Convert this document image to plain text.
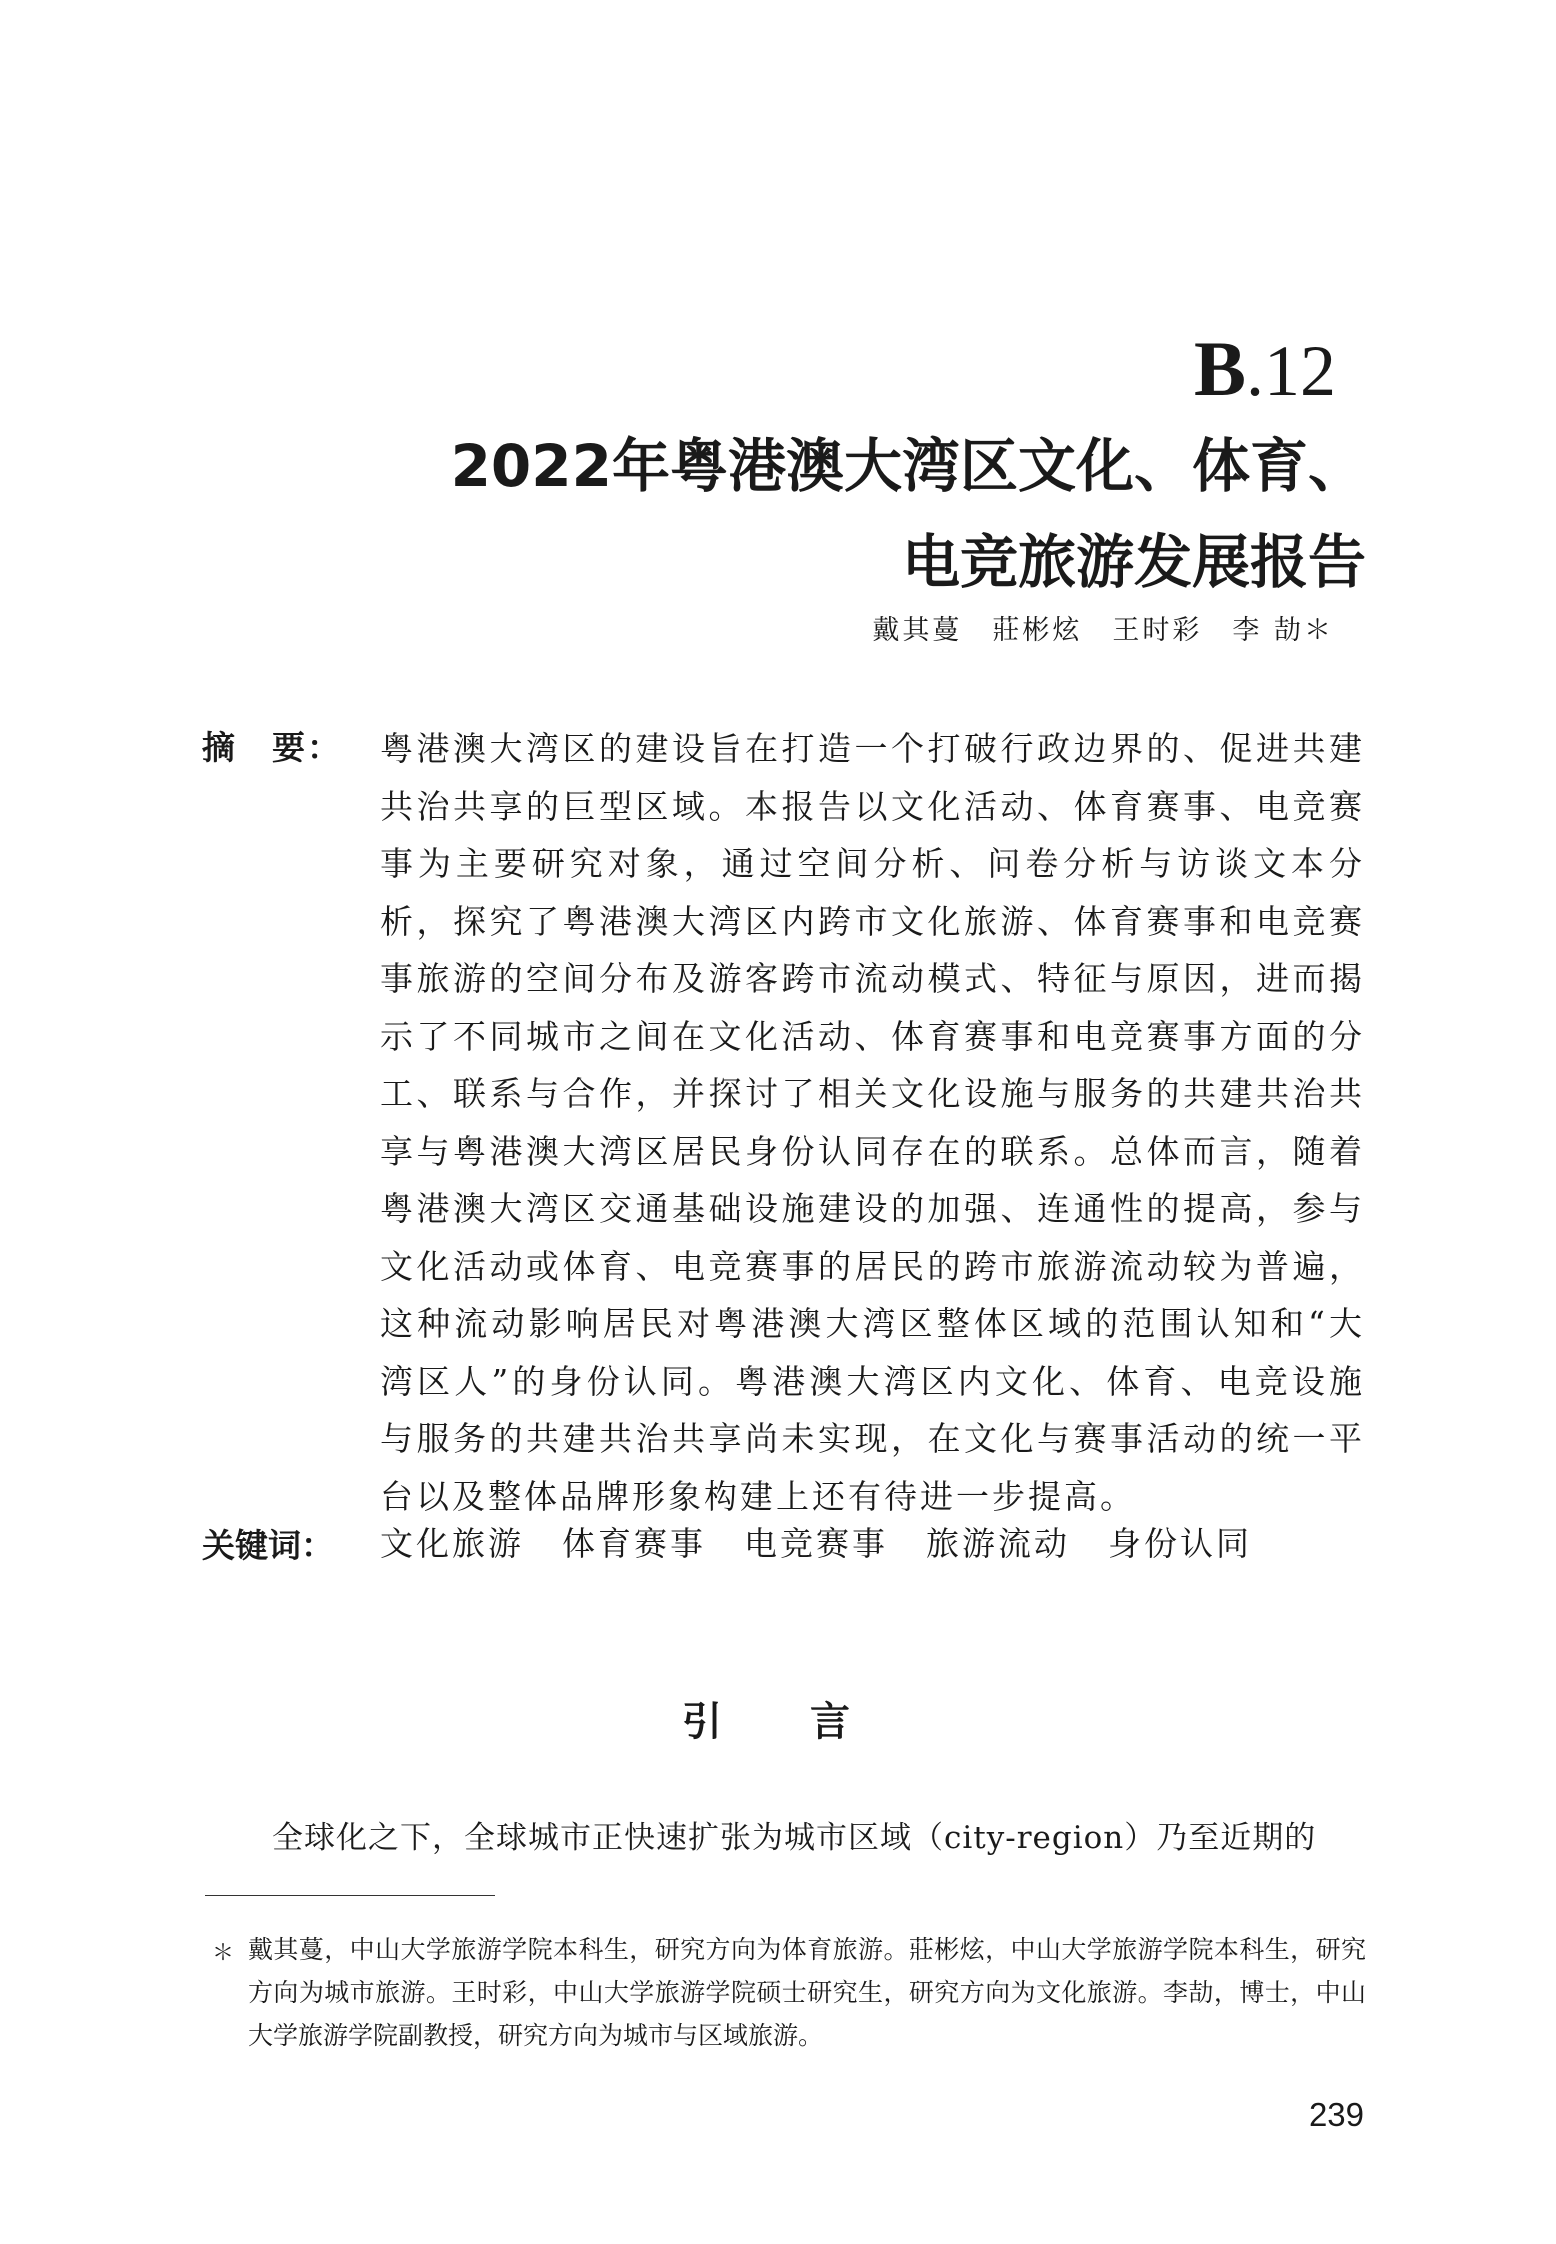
B.12
2022年粤港澳大湾区文化、体育、
电竞旅游发展报告
戴其蔓　莊彬炫　王时彩　李 劼＊
摘　要： 粤港澳大湾区的建设旨在打造一个打破行政边界的、促进共建共治共享的巨型区域。本报告以文化活动、体育赛事、电竞赛事为主要研究对象，通过空间分析、问卷分析与访谈文本分析，探究了粤港澳大湾区内跨市文化旅游、体育赛事和电竞赛事旅游的空间分布及游客跨市流动模式、特征与原因，进而揭示了不同城市之间在文化活动、体育赛事和电竞赛事方面的分工、联系与合作，并探讨了相关文化设施与服务的共建共治共享与粤港澳大湾区居民身份认同存在的联系。总体而言，随着粤港澳大湾区交通基础设施建设的加强、连通性的提高，参与文化活动或体育、电竞赛事的居民的跨市旅游流动较为普遍，这种流动影响居民对粤港澳大湾区整体区域的范围认知和“大湾区人”的身份认同。粤港澳大湾区内文化、体育、电竞设施与服务的共建共治共享尚未实现，在文化与赛事活动的统一平台以及整体品牌形象构建上还有待进一步提高。
关键词： 文化旅游 体育赛事 电竞赛事 旅游流动 身份认同
引　言
全球化之下，全球城市正快速扩张为城市区域（city-region）乃至近期的
＊ 戴其蔓，中山大学旅游学院本科生，研究方向为体育旅游。莊彬炫，中山大学旅游学院本科生，研究方向为城市旅游。王时彩，中山大学旅游学院硕士研究生，研究方向为文化旅游。李劼，博士，中山大学旅游学院副教授，研究方向为城市与区域旅游。
239
